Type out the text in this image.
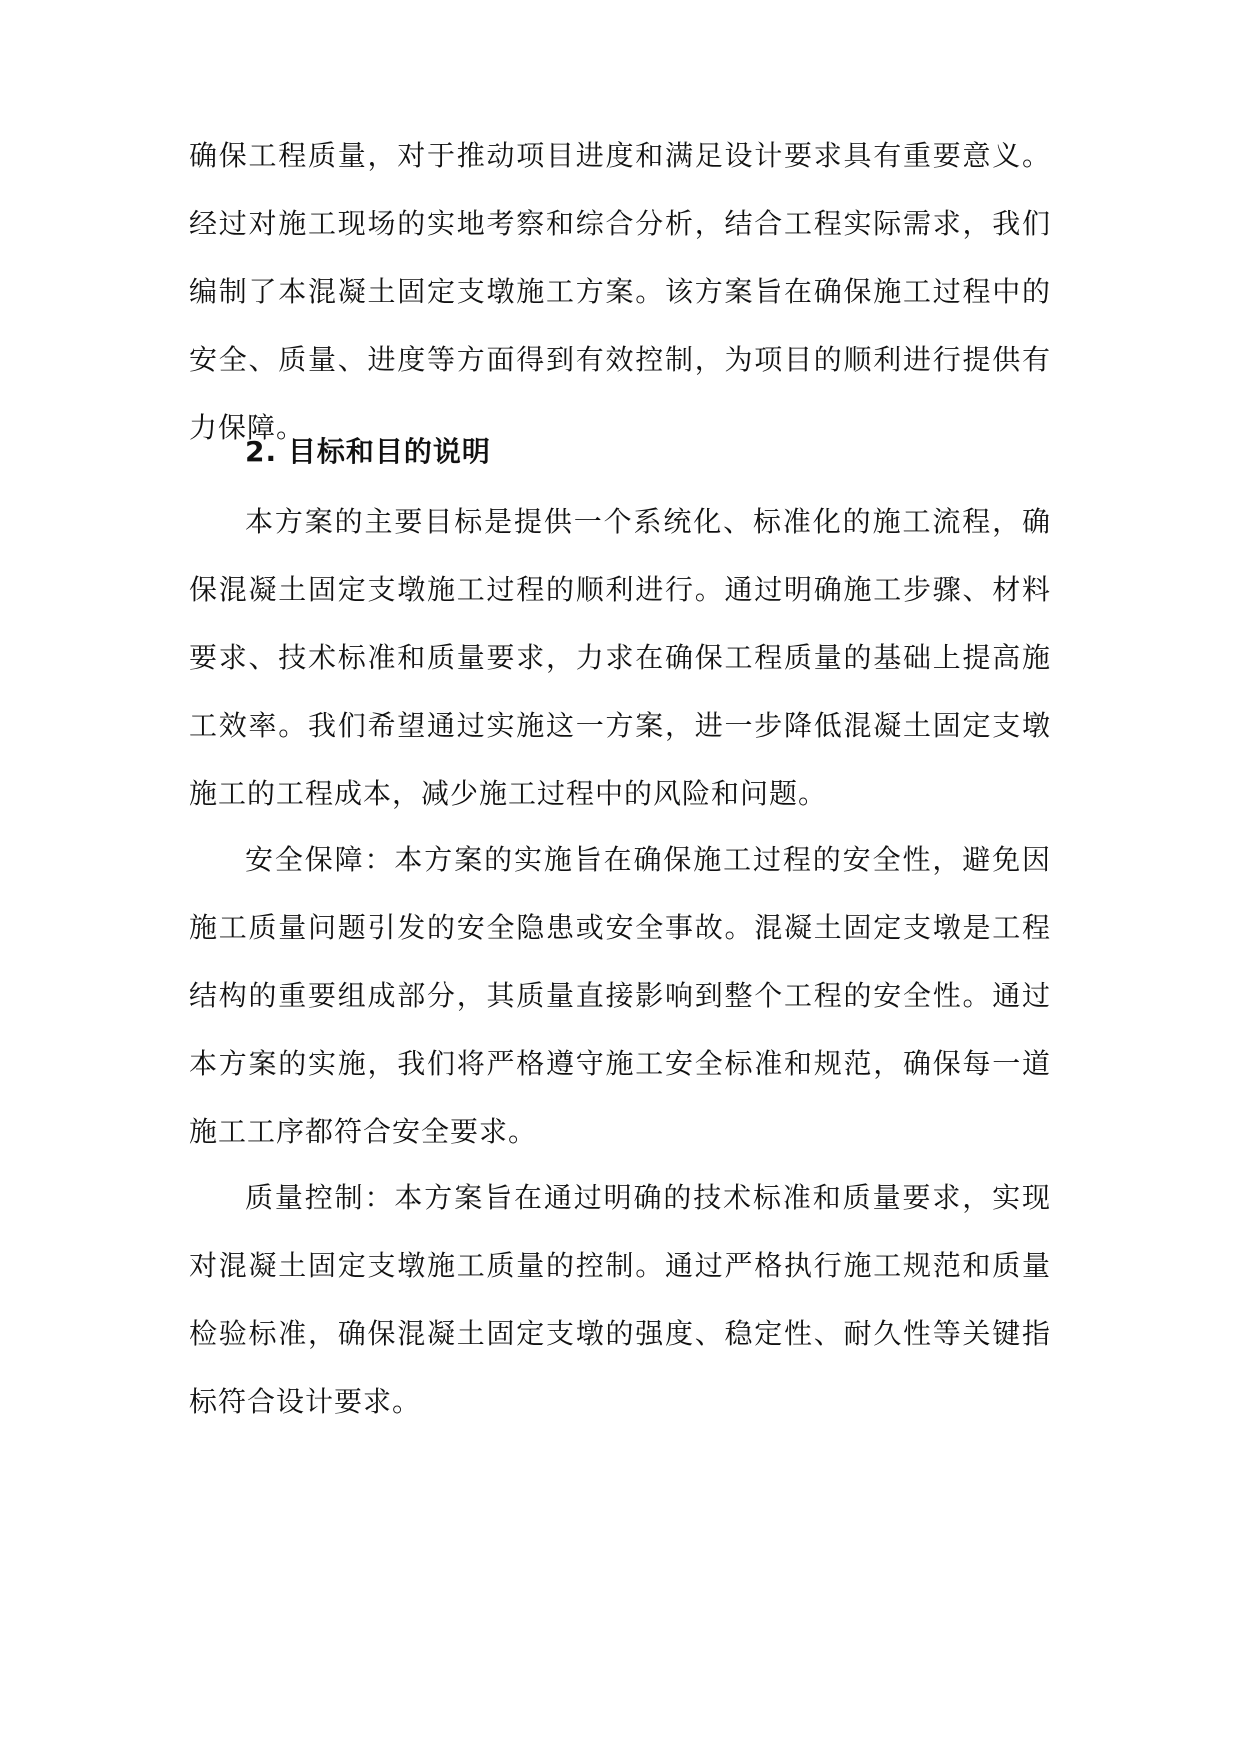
确保工程质量，对于推动项目进度和满足设计要求具有重要意义。经过对施工现场的实地考察和综合分析，结合工程实际需求，我们编制了本混凝土固定支墩施工方案。该方案旨在确保施工过程中的安全、质量、进度等方面得到有效控制，为项目的顺利进行提供有力保障。

2. 目标和目的说明

本方案的主要目标是提供一个系统化、标准化的施工流程，确保混凝土固定支墩施工过程的顺利进行。通过明确施工步骤、材料要求、技术标准和质量要求，力求在确保工程质量的基础上提高施工效率。我们希望通过实施这一方案，进一步降低混凝土固定支墩施工的工程成本，减少施工过程中的风险和问题。

安全保障：本方案的实施旨在确保施工过程的安全性，避免因施工质量问题引发的安全隐患或安全事故。混凝土固定支墩是工程结构的重要组成部分，其质量直接影响到整个工程的安全性。通过本方案的实施，我们将严格遵守施工安全标准和规范，确保每一道施工工序都符合安全要求。

质量控制：本方案旨在通过明确的技术标准和质量要求，实现对混凝土固定支墩施工质量的控制。通过严格执行施工规范和质量检验标准，确保混凝土固定支墩的强度、稳定性、耐久性等关键指标符合设计要求。
